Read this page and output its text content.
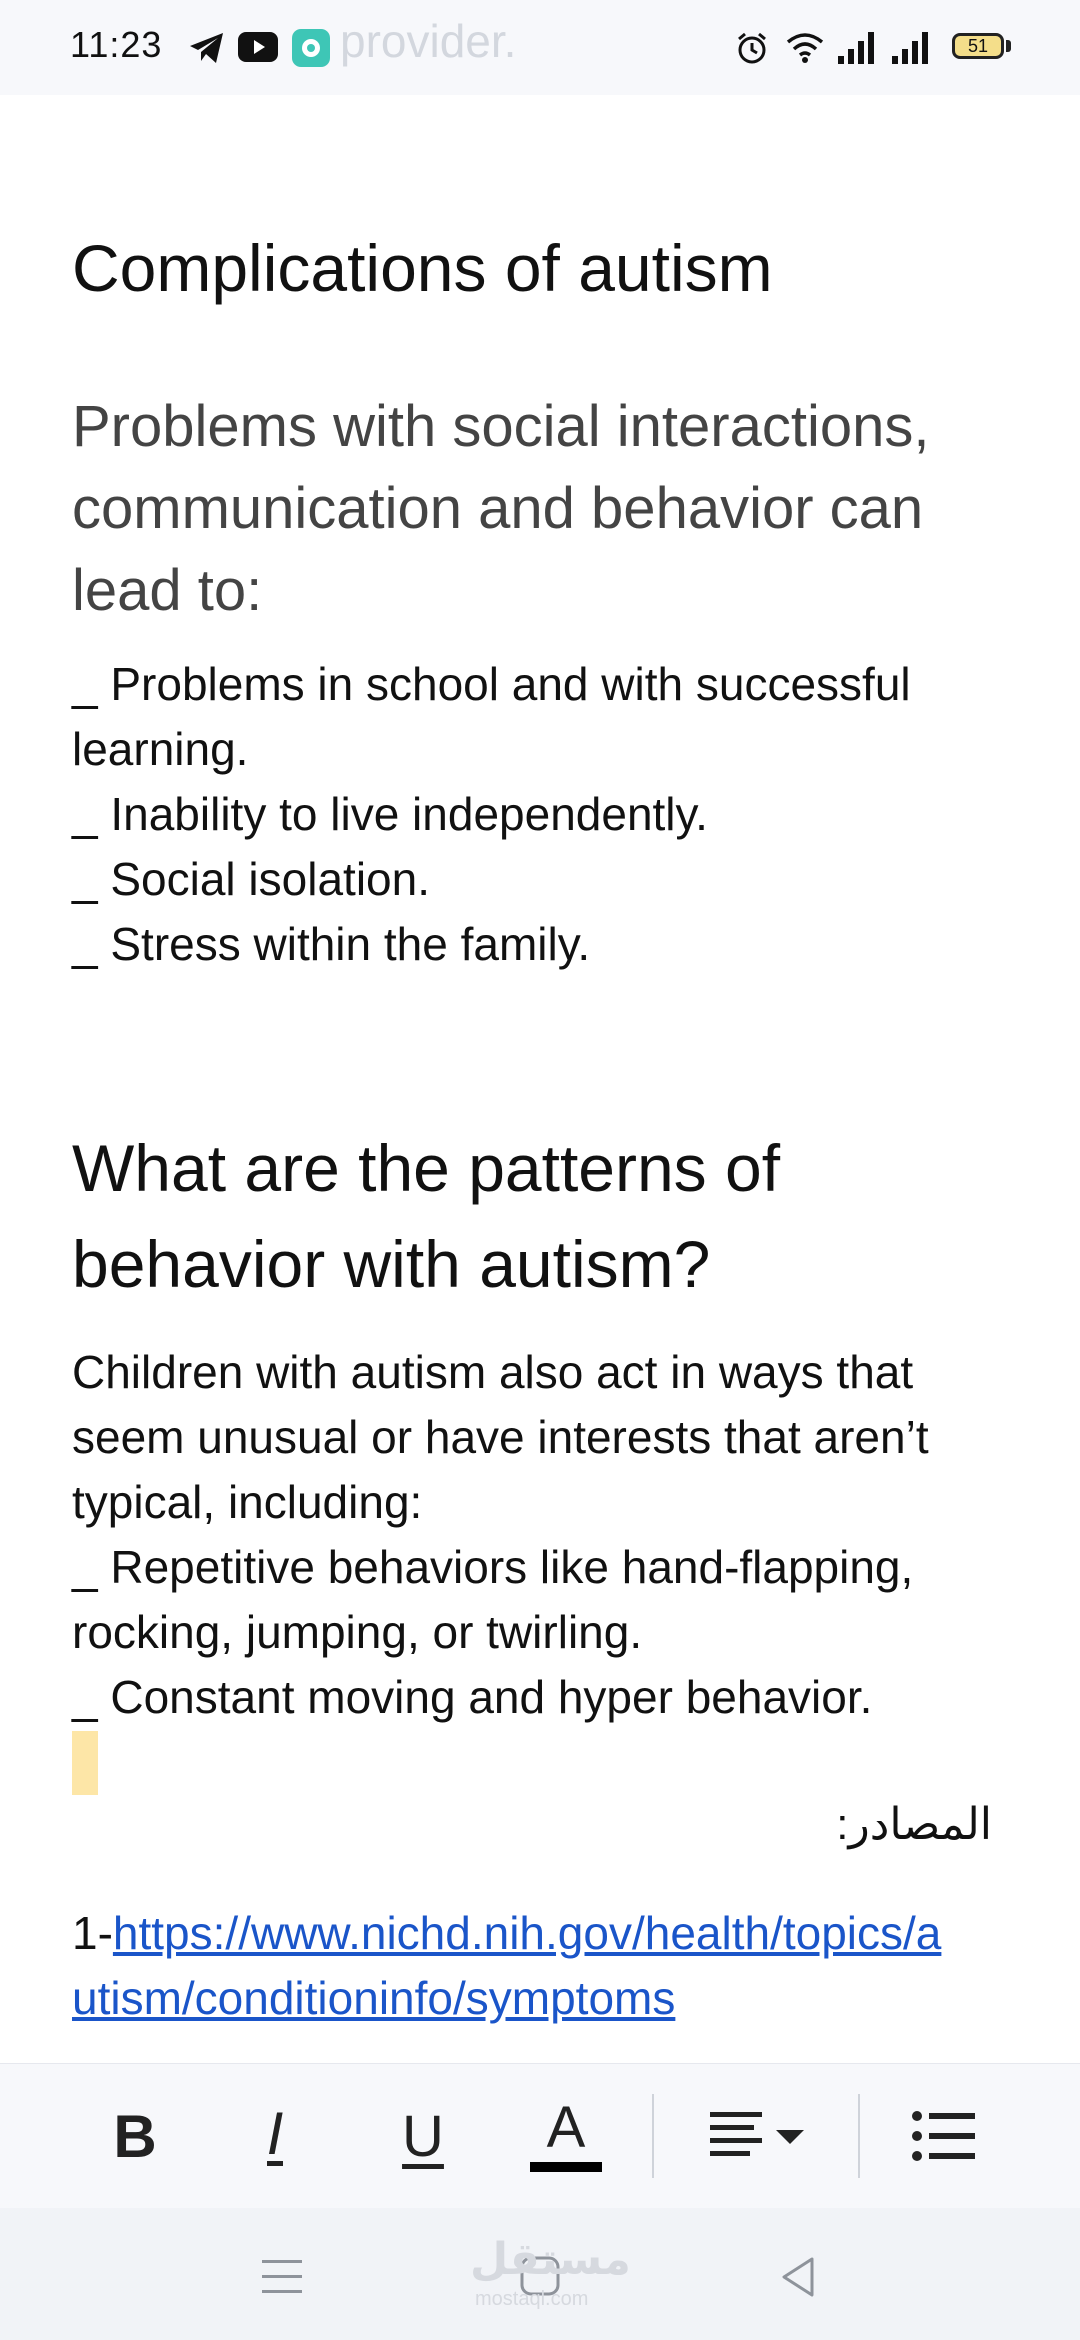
11:23	provider.	51
Complications of autism
Problems with social interactions,
communication and behavior can
lead to:
_ Problems in school and with successful
learning.
_ Inability to live independently.
_ Social isolation.
_ Stress within the family.
What are the patterns of
behavior with autism?
Children with autism also act in ways that
seem unusual or have interests that aren’t
typical, including:
_ Repetitive behaviors like hand-flapping,
rocking, jumping, or twirling.
_ Constant moving and hyper behavior.
المصادر:
1-https://www.nichd.nih.gov/health/topics/a
utism/conditioninfo/symptoms
B I U A
مستقل
mostaql.com
